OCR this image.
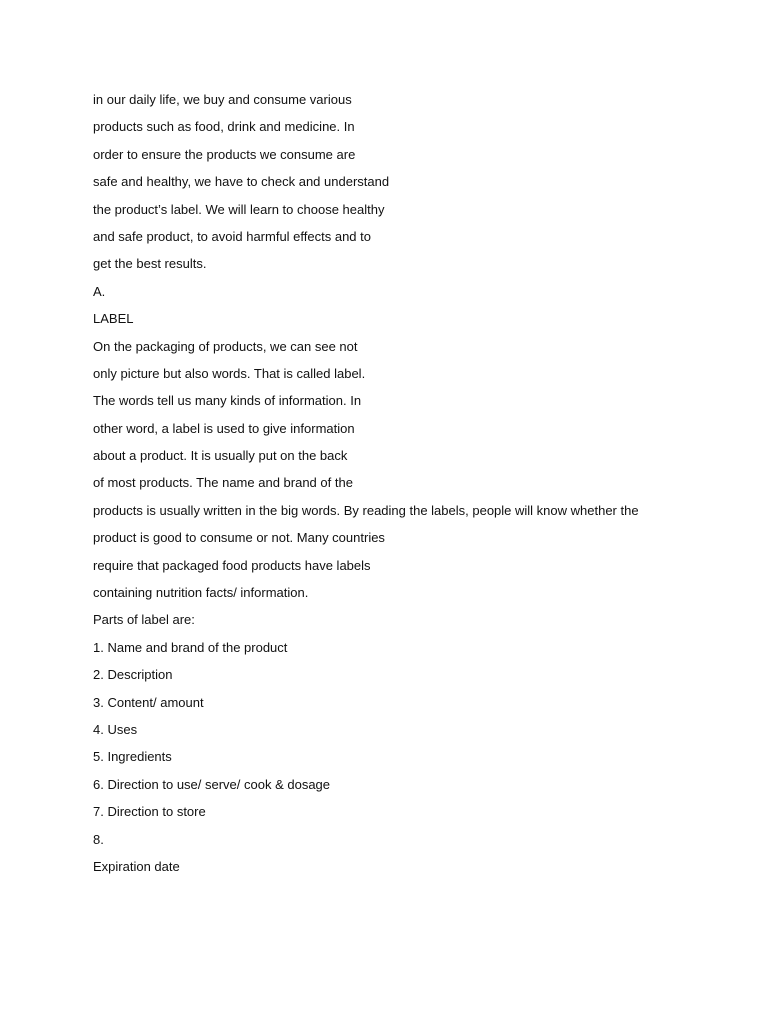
in our daily life, we buy and consume various

products such as food, drink and medicine. In

order to ensure the products we consume are

safe and healthy, we have to check and understand

the product’s label. We will learn to choose healthy

and safe product, to avoid harmful effects and to

get the best results.

A.

LABEL

On the packaging of products, we can see not

only picture but also words. That is called label.

The words tell us many kinds of information. In

other word, a label is used to give information

about a product. It is usually put on the back

of most products. The name and brand of the

products is usually written in the big words. By reading the labels, people will know whether the

product is good to consume or not. Many countries

require that packaged food products have labels

containing nutrition facts/ information.

Parts of label are:

1. Name and brand of the product

2. Description

3. Content/ amount

4. Uses

5. Ingredients

6. Direction to use/ serve/ cook & dosage

7. Direction to store

8.

Expiration date
